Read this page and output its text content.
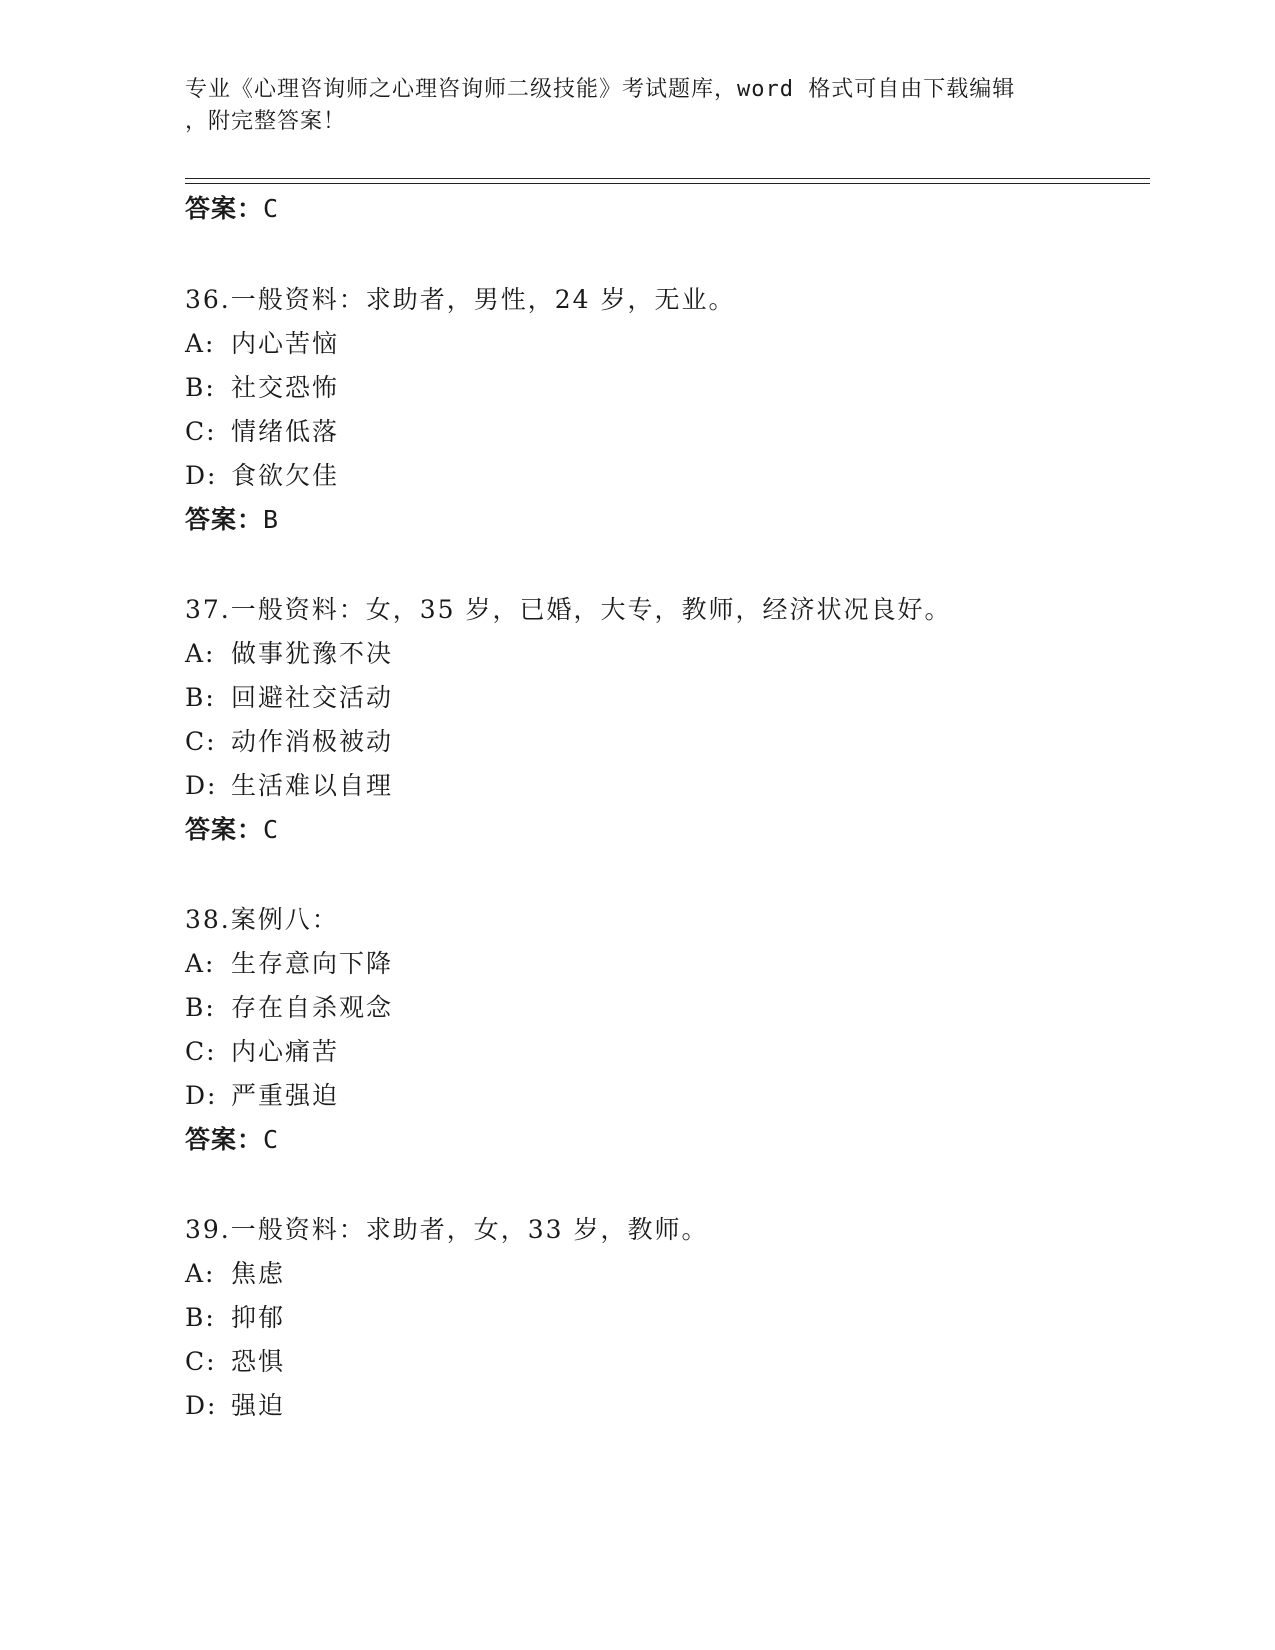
专业《心理咨询师之心理咨询师二级技能》考试题库，word 格式可自由下载编辑
，附完整答案！
答案：C
36.一般资料：求助者，男性，24 岁，无业。
A: 内心苦恼
B: 社交恐怖
C: 情绪低落
D: 食欲欠佳
答案：B
37.一般资料：女，35 岁，已婚，大专，教师，经济状况良好。
A: 做事犹豫不决
B: 回避社交活动
C: 动作消极被动
D: 生活难以自理
答案：C
38.案例八：
A: 生存意向下降
B: 存在自杀观念
C: 内心痛苦
D: 严重强迫
答案：C
39.一般资料：求助者，女，33 岁，教师。
A: 焦虑
B: 抑郁
C: 恐惧
D: 强迫
